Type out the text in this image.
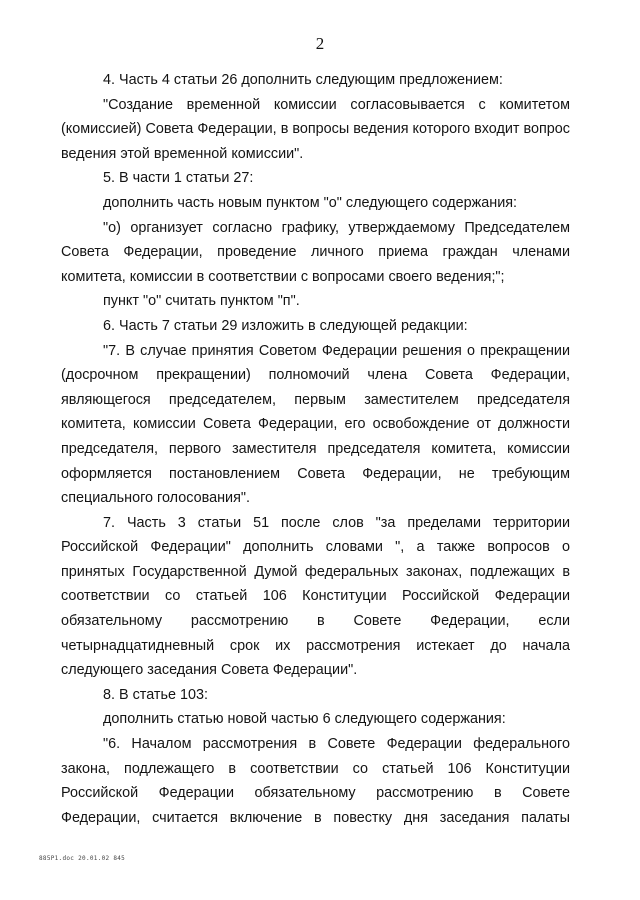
2

4. Часть 4 статьи 26 дополнить следующим предложением:

"Создание временной комиссии согласовывается с комитетом (комиссией) Совета Федерации, в вопросы ведения которого входит вопрос ведения этой временной комиссии".

5. В части 1 статьи 27:

дополнить часть новым пунктом "о" следующего содержания:

"о) организует согласно графику, утверждаемому Председателем Совета Федерации, проведение личного приема граждан членами комитета, комиссии в соответствии с вопросами своего ведения;";

пункт "о" считать пунктом "п".

6. Часть 7 статьи 29 изложить в следующей редакции:

"7. В случае принятия Советом Федерации решения о прекращении (досрочном прекращении) полномочий члена Совета Федерации, являющегося председателем, первым заместителем председателя комитета, комиссии Совета Федерации, его освобождение от должности председателя, первого заместителя председателя комитета, комиссии оформляется постановлением Совета Федерации, не требующим специального голосования".

7. Часть 3 статьи 51 после слов "за пределами территории Российской Федерации" дополнить словами ", а также вопросов о принятых Государственной Думой федеральных законах, подлежащих в соответствии со статьей 106 Конституции Российской Федерации обязательному рассмотрению в Совете Федерации, если четырнадцатидневный срок их рассмотрения истекает до начала следующего заседания Совета Федерации".

8. В статье 103:

дополнить статью новой частью 6 следующего содержания:

"6. Началом рассмотрения в Совете Федерации федерального закона, подлежащего в соответствии со статьей 106 Конституции Российской Федерации обязательному рассмотрению в Совете Федерации, считается включение в повестку дня заседания палаты

885P1.doc 20.01.02 845
